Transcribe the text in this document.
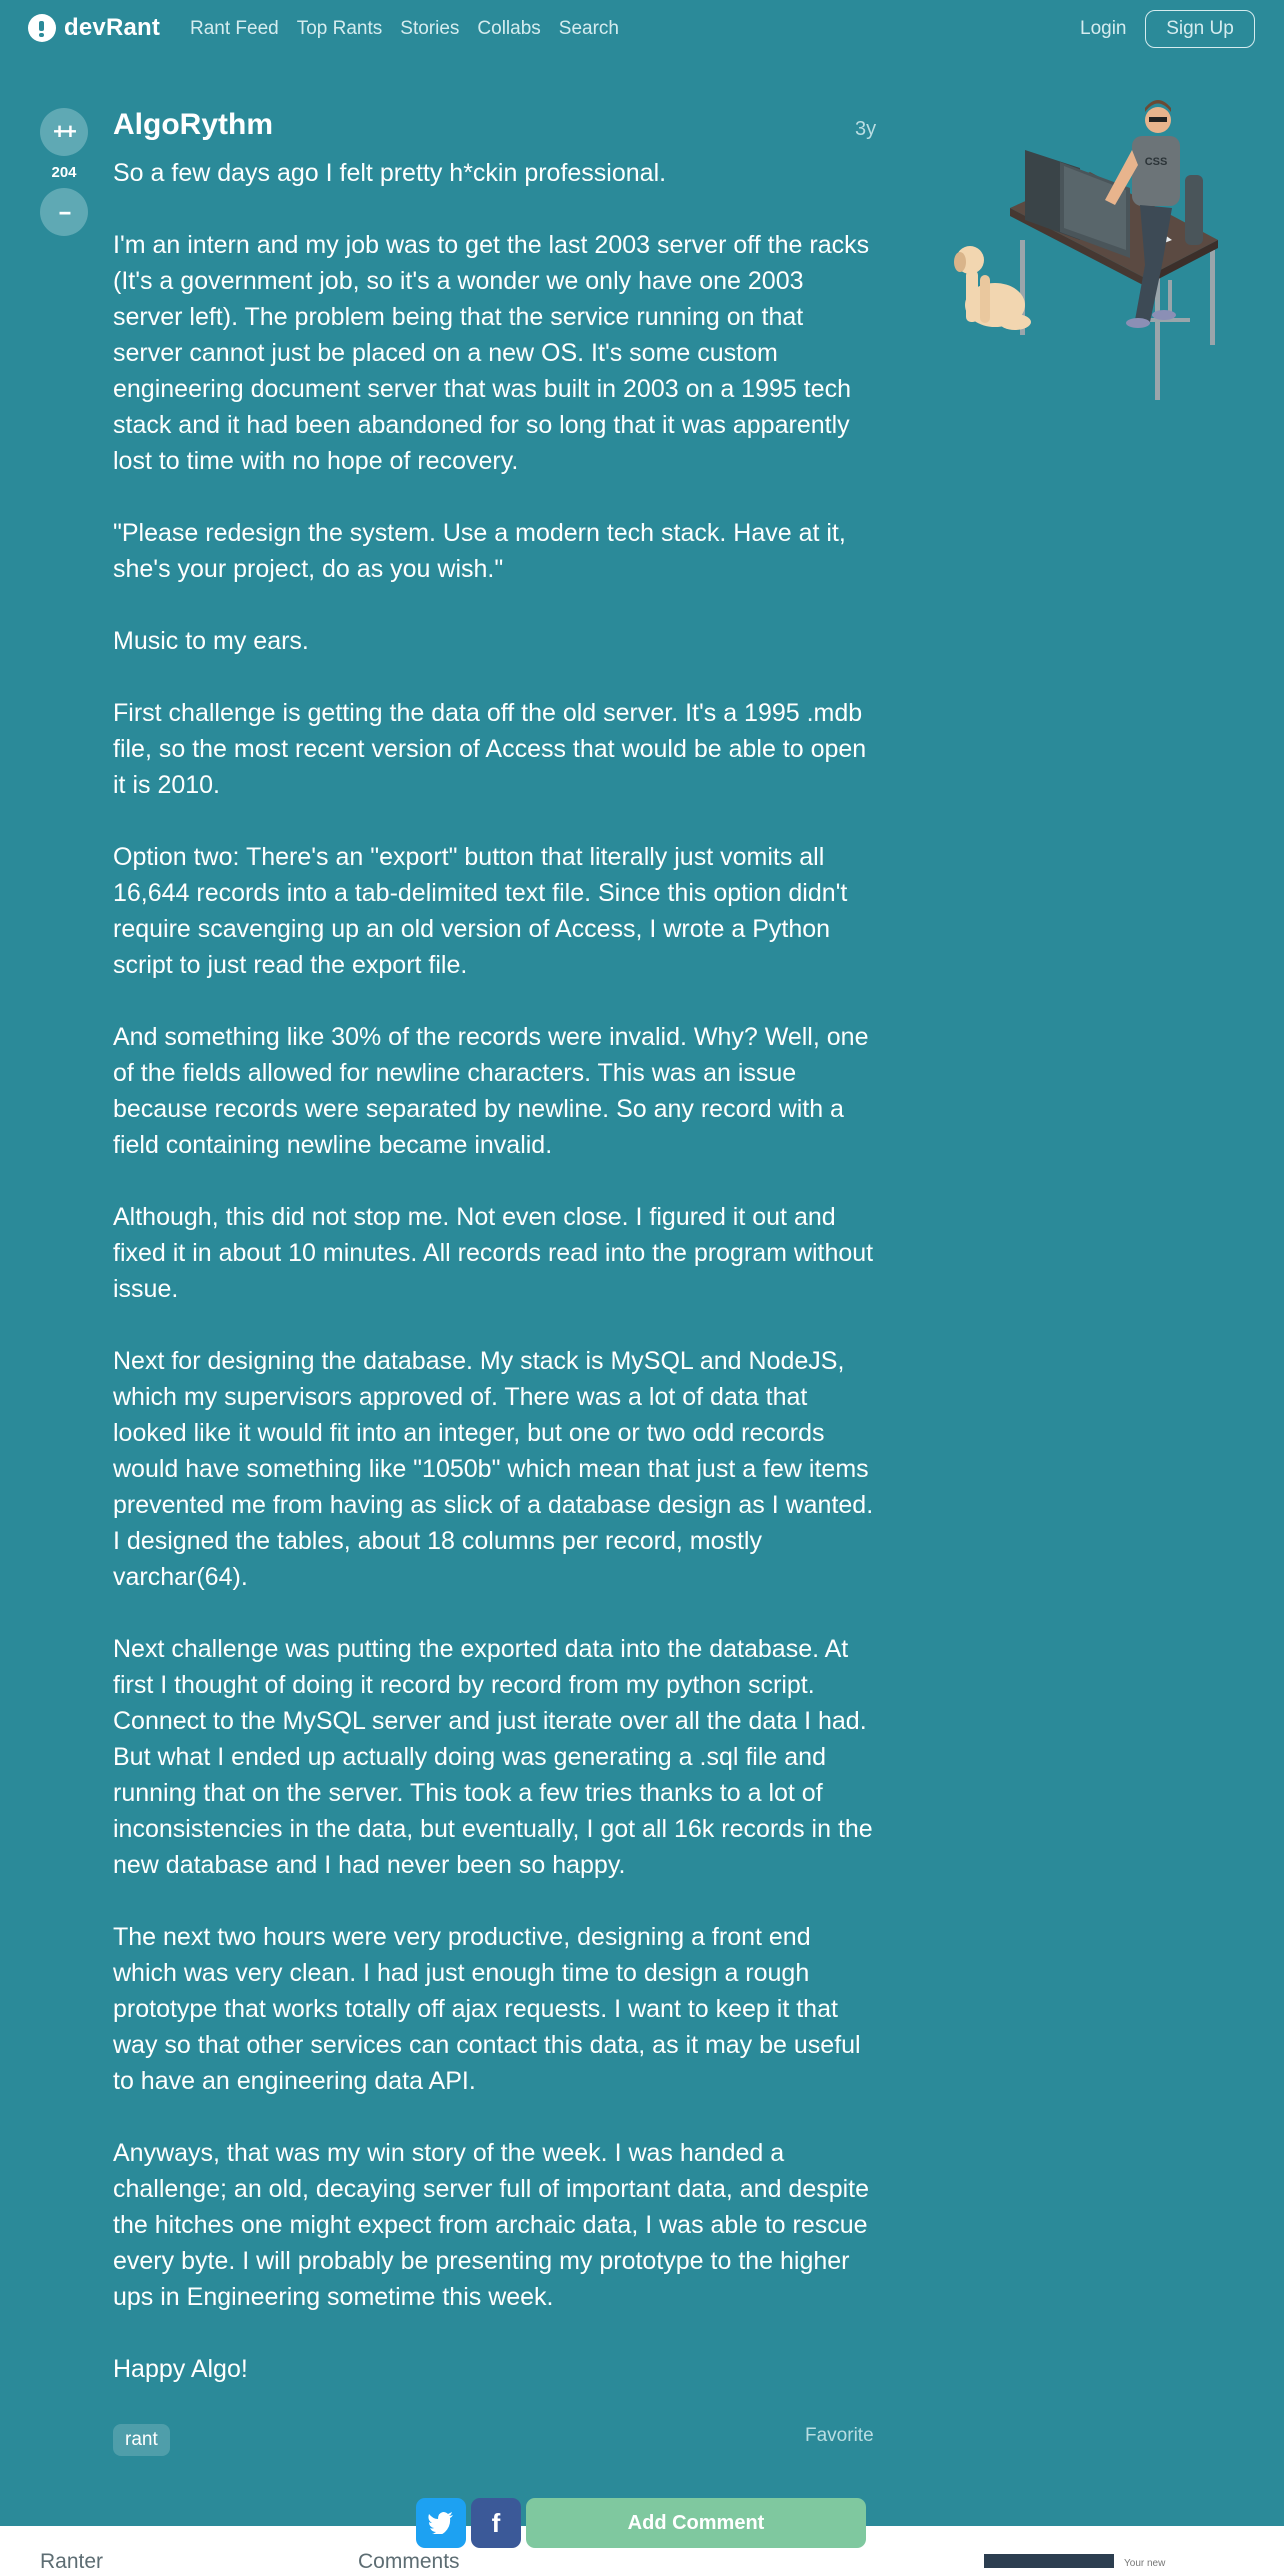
devRant Rant Feed Top Rants Stories Collabs Search	Login	Sign Up
++
204
--
AlgoRythm	3y
So a few days ago I felt pretty h*ckin professional.

I'm an intern and my job was to get the last 2003 server off the racks (It's a government job, so it's a wonder we only have one 2003 server left). The problem being that the service running on that server cannot just be placed on a new OS. It's some custom engineering document server that was built in 2003 on a 1995 tech stack and it had been abandoned for so long that it was apparently lost to time with no hope of recovery.

"Please redesign the system. Use a modern tech stack. Have at it, she's your project, do as you wish."

Music to my ears.

First challenge is getting the data off the old server. It's a 1995 .mdb file, so the most recent version of Access that would be able to open it is 2010.

Option two: There's an "export" button that literally just vomits all 16,644 records into a tab-delimited text file. Since this option didn't require scavenging up an old version of Access, I wrote a Python script to just read the export file.

And something like 30% of the records were invalid. Why? Well, one of the fields allowed for newline characters. This was an issue because records were separated by newline. So any record with a field containing newline became invalid.

Although, this did not stop me. Not even close. I figured it out and fixed it in about 10 minutes. All records read into the program without issue.

Next for designing the database. My stack is MySQL and NodeJS, which my supervisors approved of. There was a lot of data that looked like it would fit into an integer, but one or two odd records would have something like "1050b" which mean that just a few items prevented me from having as slick of a database design as I wanted. I designed the tables, about 18 columns per record, mostly varchar(64).

Next challenge was putting the exported data into the database. At first I thought of doing it record by record from my python script. Connect to the MySQL server and just iterate over all the data I had. But what I ended up actually doing was generating a .sql file and running that on the server. This took a few tries thanks to a lot of inconsistencies in the data, but eventually, I got all 16k records in the new database and I had never been so happy.

The next two hours were very productive, designing a front end which was very clean. I had just enough time to design a rough prototype that works totally off ajax requests. I want to keep it that way so that other services can contact this data, as it may be useful to have an engineering data API.

Anyways, that was my win story of the week. I was handed a challenge; an old, decaying server full of important data, and despite the hitches one might expect from archaic data, I was able to rescue every byte. I will probably be presenting my prototype to the higher ups in Engineering sometime this week.

Happy Algo!
rant	Favorite
CSS
f	Add Comment
Ranter	Comments	Your new
